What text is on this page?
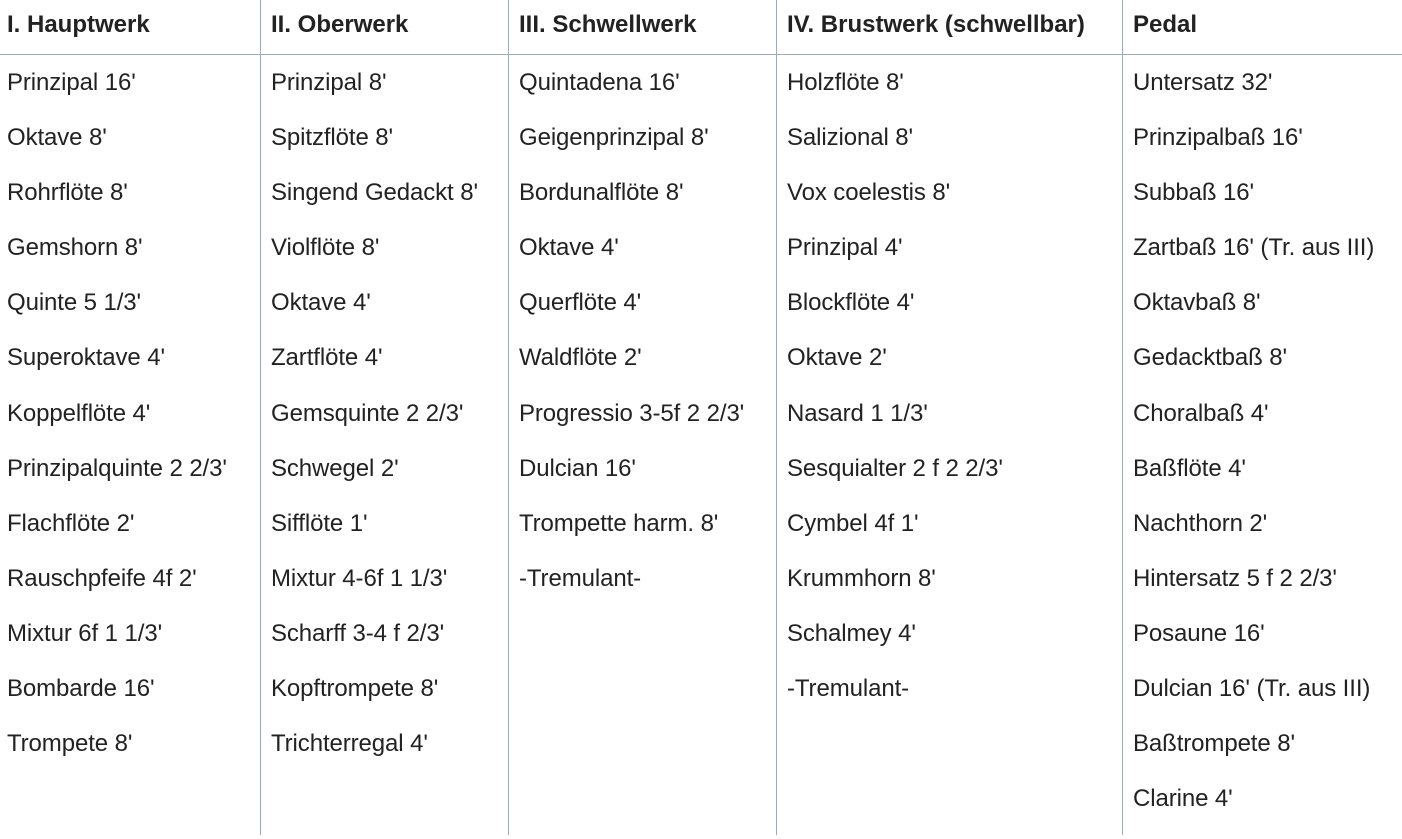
I. Hauptwerk
Prinzipal 16'
Oktave 8'
Rohrflöte 8'
Gemshorn 8'
Quinte 5 1/3'
Superoktave 4'
Koppelflöte 4'
Prinzipalquinte 2 2/3'
Flachflöte 2'
Rauschpfeife 4f 2'
Mixtur 6f 1 1/3'
Bombarde 16'
Trompete 8'
II. Oberwerk
Prinzipal 8'
Spitzflöte 8'
Singend Gedackt 8'
Violflöte 8'
Oktave 4'
Zartflöte 4'
Gemsquinte 2 2/3'
Schwegel 2'
Sifflöte 1'
Mixtur 4-6f 1 1/3'
Scharff 3-4 f 2/3'
Kopftrompete 8'
Trichterregal 4'
III. Schwellwerk
Quintadena 16'
Geigenprinzipal 8'
Bordunalflöte 8'
Oktave 4'
Querflöte 4'
Waldflöte 2'
Progressio 3-5f 2 2/3'
Dulcian 16'
Trompette harm. 8'
-Tremulant-
IV. Brustwerk (schwellbar)
Holzflöte 8'
Salizional 8'
Vox coelestis 8'
Prinzipal 4'
Blockflöte 4'
Oktave 2'
Nasard 1 1/3'
Sesquialter 2 f 2 2/3'
Cymbel 4f 1'
Krummhorn 8'
Schalmey 4'
-Tremulant-
Pedal
Untersatz 32'
Prinzipalbaß 16'
Subbaß 16'
Zartbaß 16' (Tr. aus III)
Oktavbaß 8'
Gedacktbaß 8'
Choralbaß 4'
Baßflöte 4'
Nachthorn 2'
Hintersatz 5 f 2 2/3'
Posaune 16'
Dulcian 16' (Tr. aus III)
Baßtrompete 8'
Clarine 4'
